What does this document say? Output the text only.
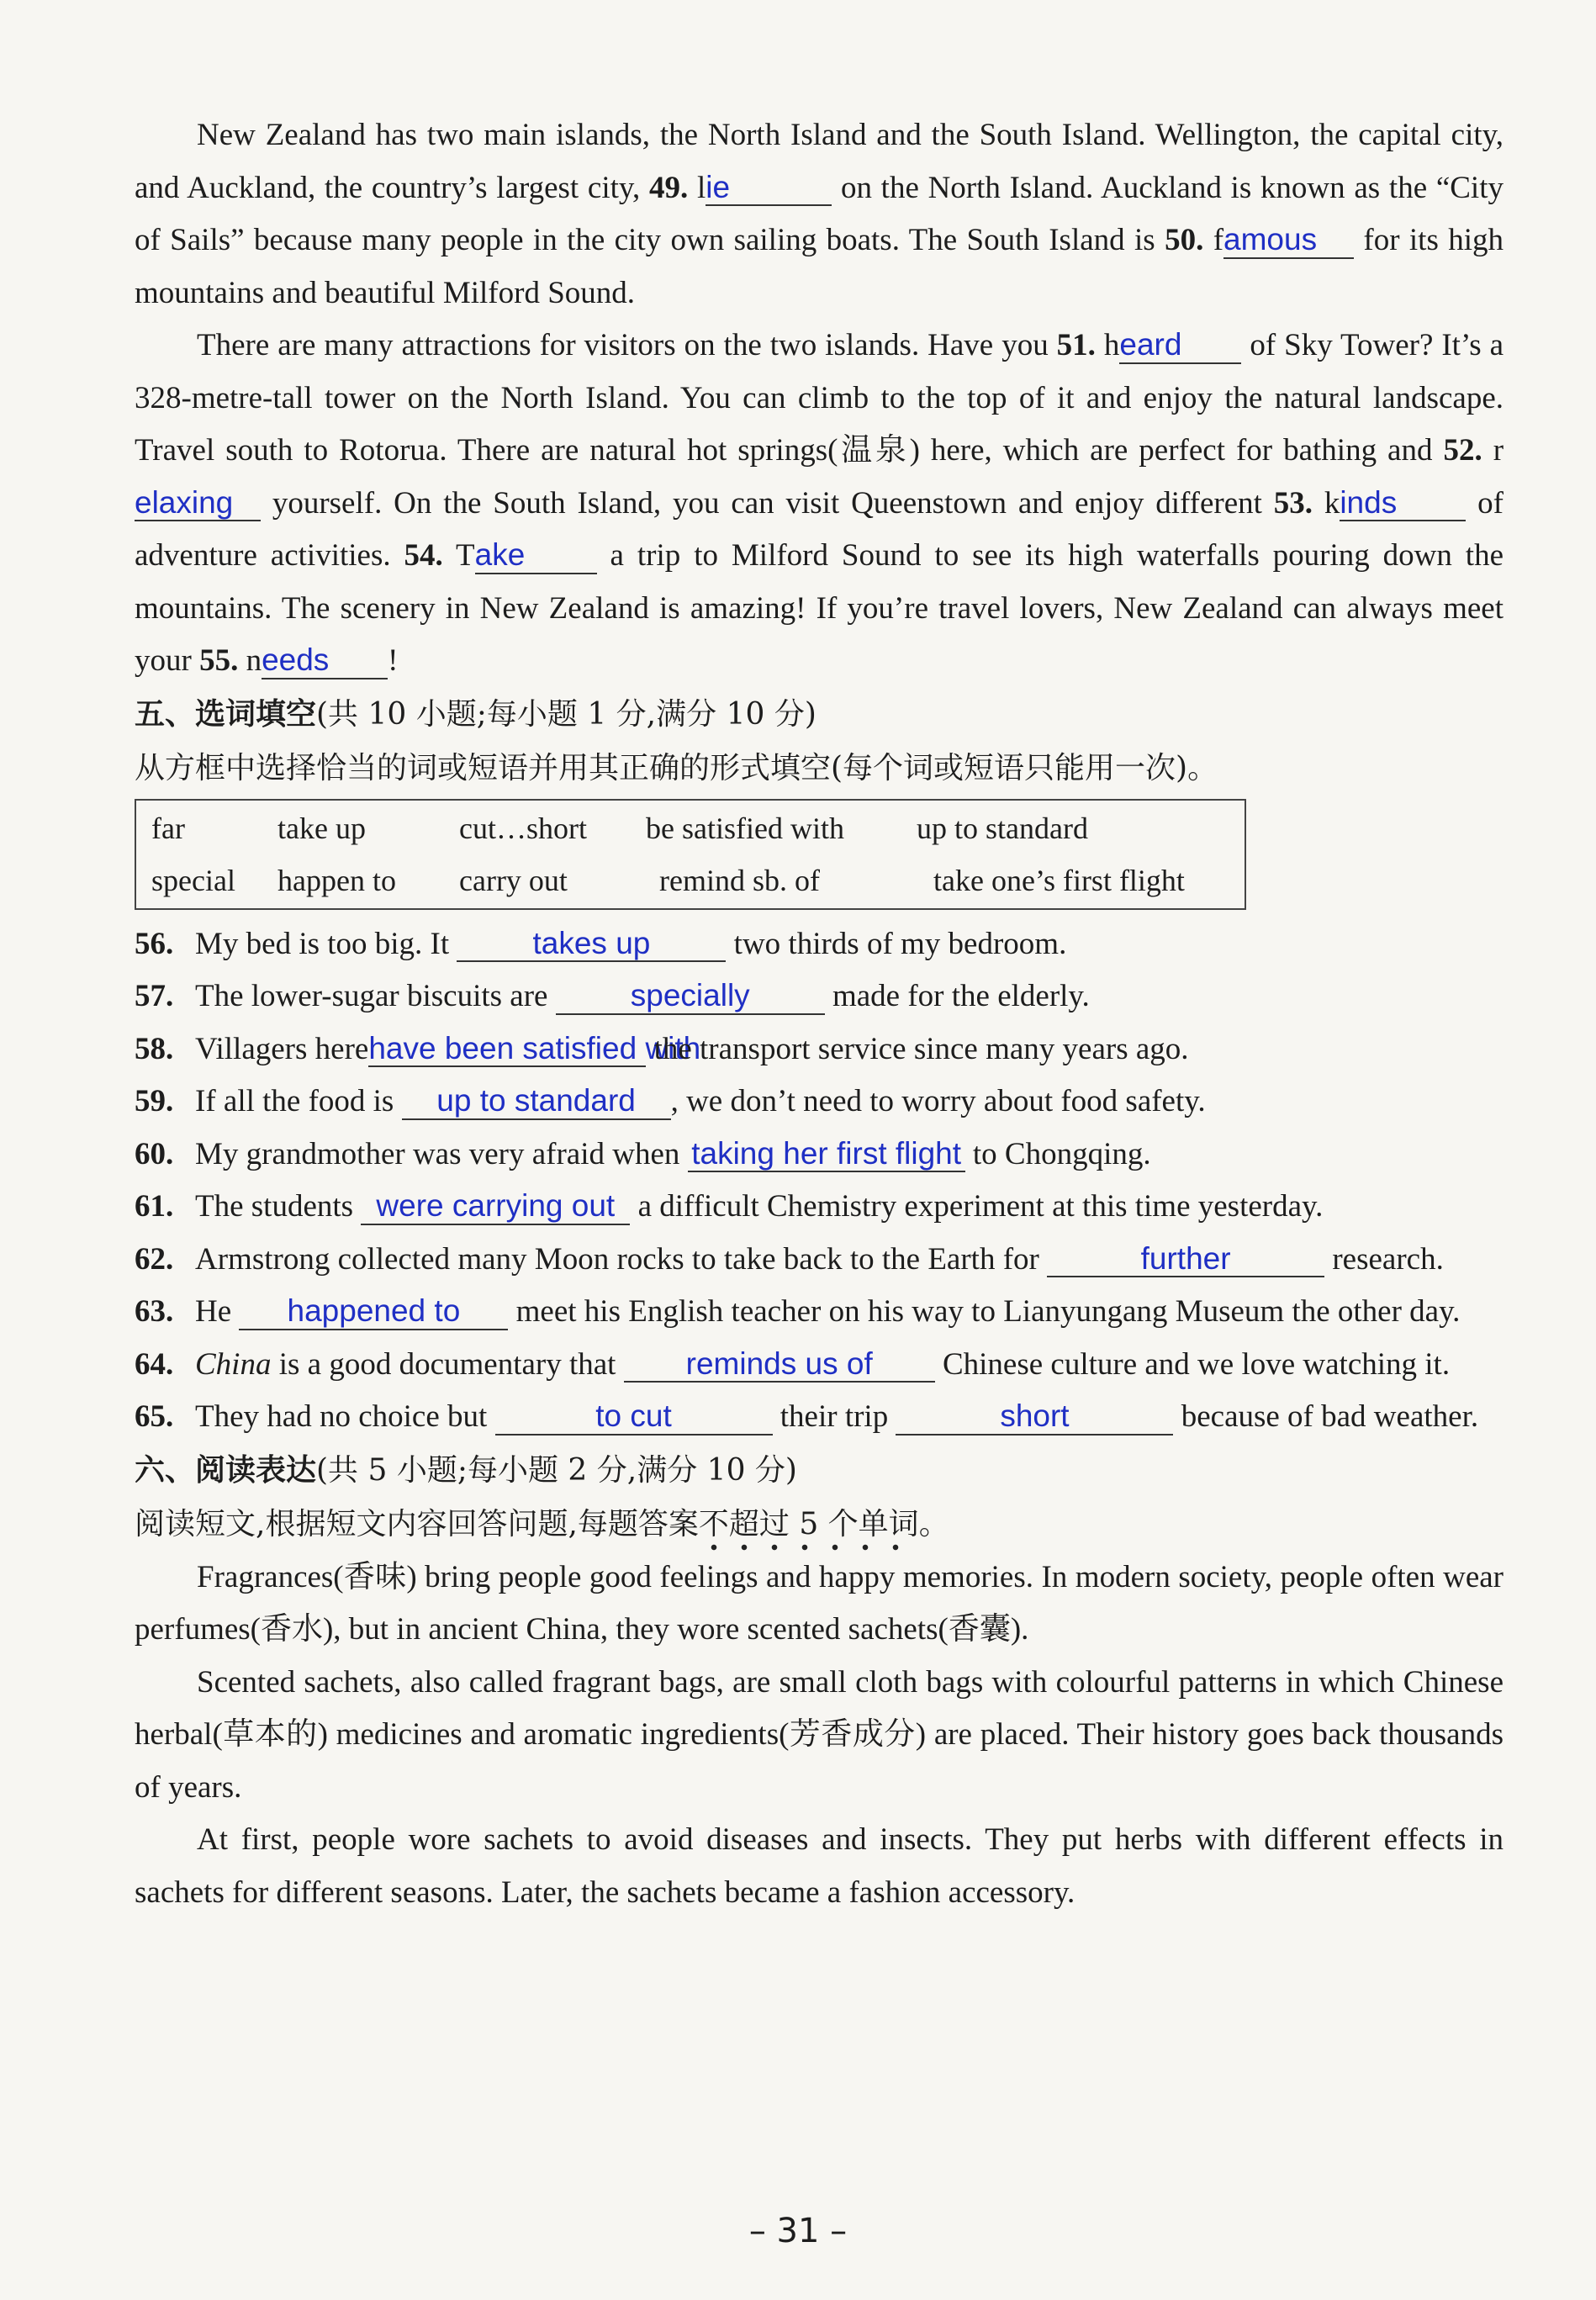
New Zealand has two main islands, the North Island and the South Island. Wellington, the capital city, and Auckland, the country’s largest city, 49. lie	on the North Island. Auckland is known as the “City of Sails” because many people in the city own sailing boats. The South Island is 50. famous for its high mountains and beautiful Milford Sound.

There are many attractions for visitors on the two islands. Have you 51. heard of Sky Tower? It’s a 328-metre-tall tower on the North Island. You can climb to the top of it and enjoy the natural landscape. Travel south to Rotorua. There are natural hot springs(温泉) here, which are perfect for bathing and 52. relaxing yourself. On the South Island, you can visit Queenstown and enjoy different 53. kinds of adventure activities. 54. Take a trip to Milford Sound to see its high waterfalls pouring down the mountains. The scenery in New Zealand is amazing! If you’re travel lovers, New Zealand can always meet your 55. needs !

五、选词填空(共 10 小题;每小题 1 分,满分 10 分)

从方框中选择恰当的词或短语并用其正确的形式填空(每个词或短语只能用一次)。

far	take up	cut…short	be satisfied with	up to standard
special	happen to	carry out	remind sb. of	take one’s first flight

56. My bed is too big. It takes up two thirds of my bedroom.

57. The lower-sugar biscuits are specially made for the elderly.

58. Villagers herehave been satisfied with the transport service since many years ago.

59. If all the food is up to standard , we don’t need to worry about food safety.

60. My grandmother was very afraid when taking her first flight to Chongqing.

61. The students were carrying out a difficult Chemistry experiment at this time yesterday.

62. Armstrong collected many Moon rocks to take back to the Earth for	further	research.

63. He happened to meet his English teacher on his way to Lianyungang Museum the other day.

64. China is a good documentary that reminds us of Chinese culture and we love watching it.

65. They had no choice but	to cut	their trip	short	because of bad weather.

六、阅读表达(共 5 小题;每小题 2 分,满分 10 分)

阅读短文,根据短文内容回答问题,每题答案不超过 5 个单词。

Fragrances(香味) bring people good feelings and happy memories. In modern society, people often wear perfumes(香水), but in ancient China, they wore scented sachets(香囊).

Scented sachets, also called fragrant bags, are small cloth bags with colourful patterns in which Chinese herbal(草本的) medicines and aromatic ingredients(芳香成分) are placed. Their history goes back thousands of years.

At first, people wore sachets to avoid diseases and insects. They put herbs with different effects in sachets for different seasons. Later, the sachets became a fashion accessory.

– 31 –
